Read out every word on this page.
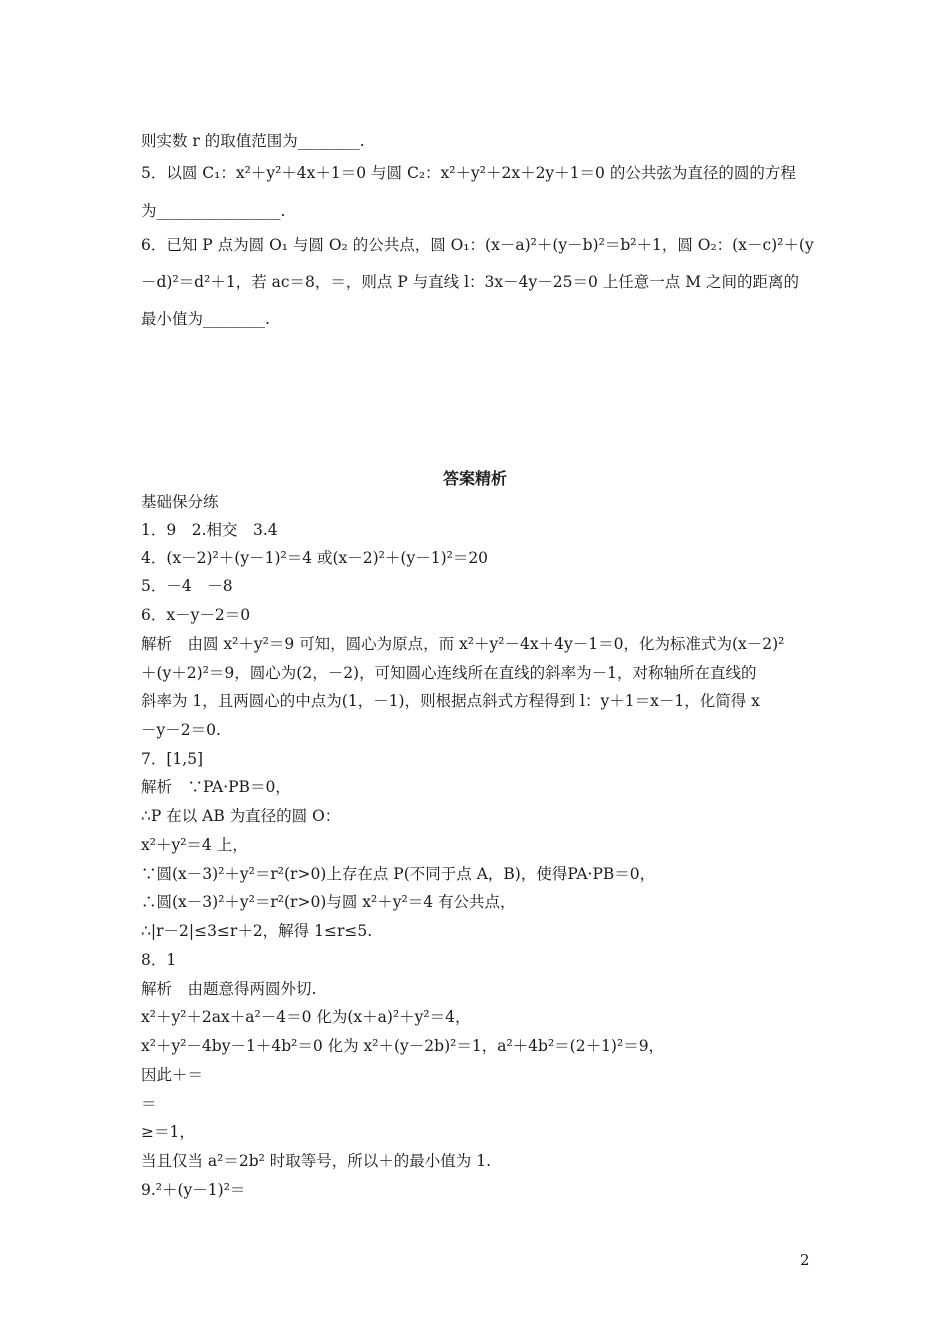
则实数 r 的取值范围为________.
5．以圆 C₁：x²＋y²＋4x＋1＝0 与圆 C₂：x²＋y²＋2x＋2y＋1＝0 的公共弦为直径的圆的方程
为________________.
6．已知 P 点为圆 O₁ 与圆 O₂ 的公共点，圆 O₁：(x－a)²＋(y－b)²＝b²＋1，圆 O₂：(x－c)²＋(y
－d)²＝d²＋1，若 ac＝8，＝，则点 P 与直线 l：3x－4y－25＝0 上任意一点 M 之间的距离的
最小值为________.
答案精析
基础保分练
1．9　2.相交　3.4
4．(x－2)²＋(y－1)²＝4 或(x－2)²＋(y－1)²＝20
5．－4　－8
6．x－y－2＝0
解析　由圆 x²＋y²＝9 可知，圆心为原点，而 x²＋y²－4x＋4y－1＝0，化为标准式为(x－2)²
＋(y＋2)²＝9，圆心为(2，－2)，可知圆心连线所在直线的斜率为－1，对称轴所在直线的
斜率为 1，且两圆心的中点为(1，－1)，则根据点斜式方程得到 l：y＋1＝x－1，化简得 x
－y－2＝0.
7．[1,5]
解析　∵PA·PB＝0，
∴P 在以 AB 为直径的圆 O：
x²＋y²＝4 上，
∵圆(x－3)²＋y²＝r²(r>0)上存在点 P(不同于点 A，B)，使得PA·PB＝0，
∴圆(x－3)²＋y²＝r²(r>0)与圆 x²＋y²＝4 有公共点，
∴|r－2|≤3≤r＋2，解得 1≤r≤5.
8．1
解析　由题意得两圆外切.
x²＋y²＋2ax＋a²－4＝0 化为(x＋a)²＋y²＝4，
x²＋y²－4by－1＋4b²＝0 化为 x²＋(y－2b)²＝1，a²＋4b²＝(2＋1)²＝9，
因此＋＝
＝
≥＝1，
当且仅当 a²＝2b² 时取等号，所以＋的最小值为 1.
9.²＋(y－1)²＝
2
